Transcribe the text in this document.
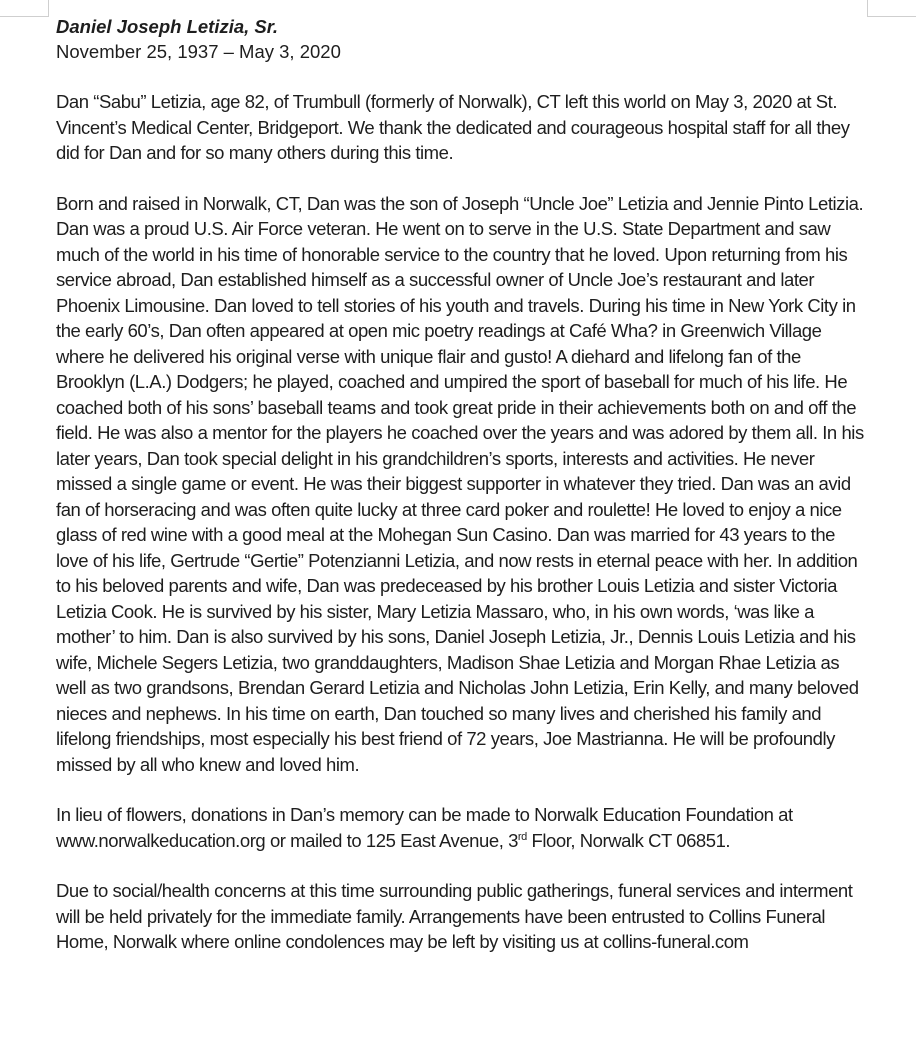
Daniel Joseph Letizia, Sr.

November 25, 1937 – May 3, 2020

Dan “Sabu” Letizia, age 82, of Trumbull (formerly of Norwalk), CT left this world on May 3, 2020 at St. Vincent’s Medical Center, Bridgeport. We thank the dedicated and courageous hospital staff for all they did for Dan and for so many others during this time.

Born and raised in Norwalk, CT, Dan was the son of Joseph “Uncle Joe” Letizia and Jennie Pinto Letizia. Dan was a proud U.S. Air Force veteran. He went on to serve in the U.S. State Department and saw much of the world in his time of honorable service to the country that he loved. Upon returning from his service abroad, Dan established himself as a successful owner of Uncle Joe’s restaurant and later Phoenix Limousine. Dan loved to tell stories of his youth and travels. During his time in New York City in the early 60’s, Dan often appeared at open mic poetry readings at Café Wha? in Greenwich Village where he delivered his original verse with unique flair and gusto! A diehard and lifelong fan of the Brooklyn (L.A.) Dodgers; he played, coached and umpired the sport of baseball for much of his life. He coached both of his sons’ baseball teams and took great pride in their achievements both on and off the field. He was also a mentor for the players he coached over the years and was adored by them all. In his later years, Dan took special delight in his grandchildren’s sports, interests and activities. He never missed a single game or event. He was their biggest supporter in whatever they tried. Dan was an avid fan of horseracing and was often quite lucky at three card poker and roulette! He loved to enjoy a nice glass of red wine with a good meal at the Mohegan Sun Casino. Dan was married for 43 years to the love of his life, Gertrude “Gertie” Potenzianni Letizia, and now rests in eternal peace with her. In addition to his beloved parents and wife, Dan was predeceased by his brother Louis Letizia and sister Victoria Letizia Cook. He is survived by his sister, Mary Letizia Massaro, who, in his own words, ‘was like a mother’ to him. Dan is also survived by his sons, Daniel Joseph Letizia, Jr., Dennis Louis Letizia and his wife, Michele Segers Letizia, two granddaughters, Madison Shae Letizia and Morgan Rhae Letizia as well as two grandsons, Brendan Gerard Letizia and Nicholas John Letizia, Erin Kelly, and many beloved nieces and nephews. In his time on earth, Dan touched so many lives and cherished his family and lifelong friendships, most especially his best friend of 72 years, Joe Mastrianna. He will be profoundly missed by all who knew and loved him.

In lieu of flowers, donations in Dan’s memory can be made to Norwalk Education Foundation at www.norwalkeducation.org or mailed to 125 East Avenue, 3rd Floor, Norwalk CT 06851.

Due to social/health concerns at this time surrounding public gatherings, funeral services and interment will be held privately for the immediate family. Arrangements have been entrusted to Collins Funeral Home, Norwalk where online condolences may be left by visiting us at collins-funeral.com
